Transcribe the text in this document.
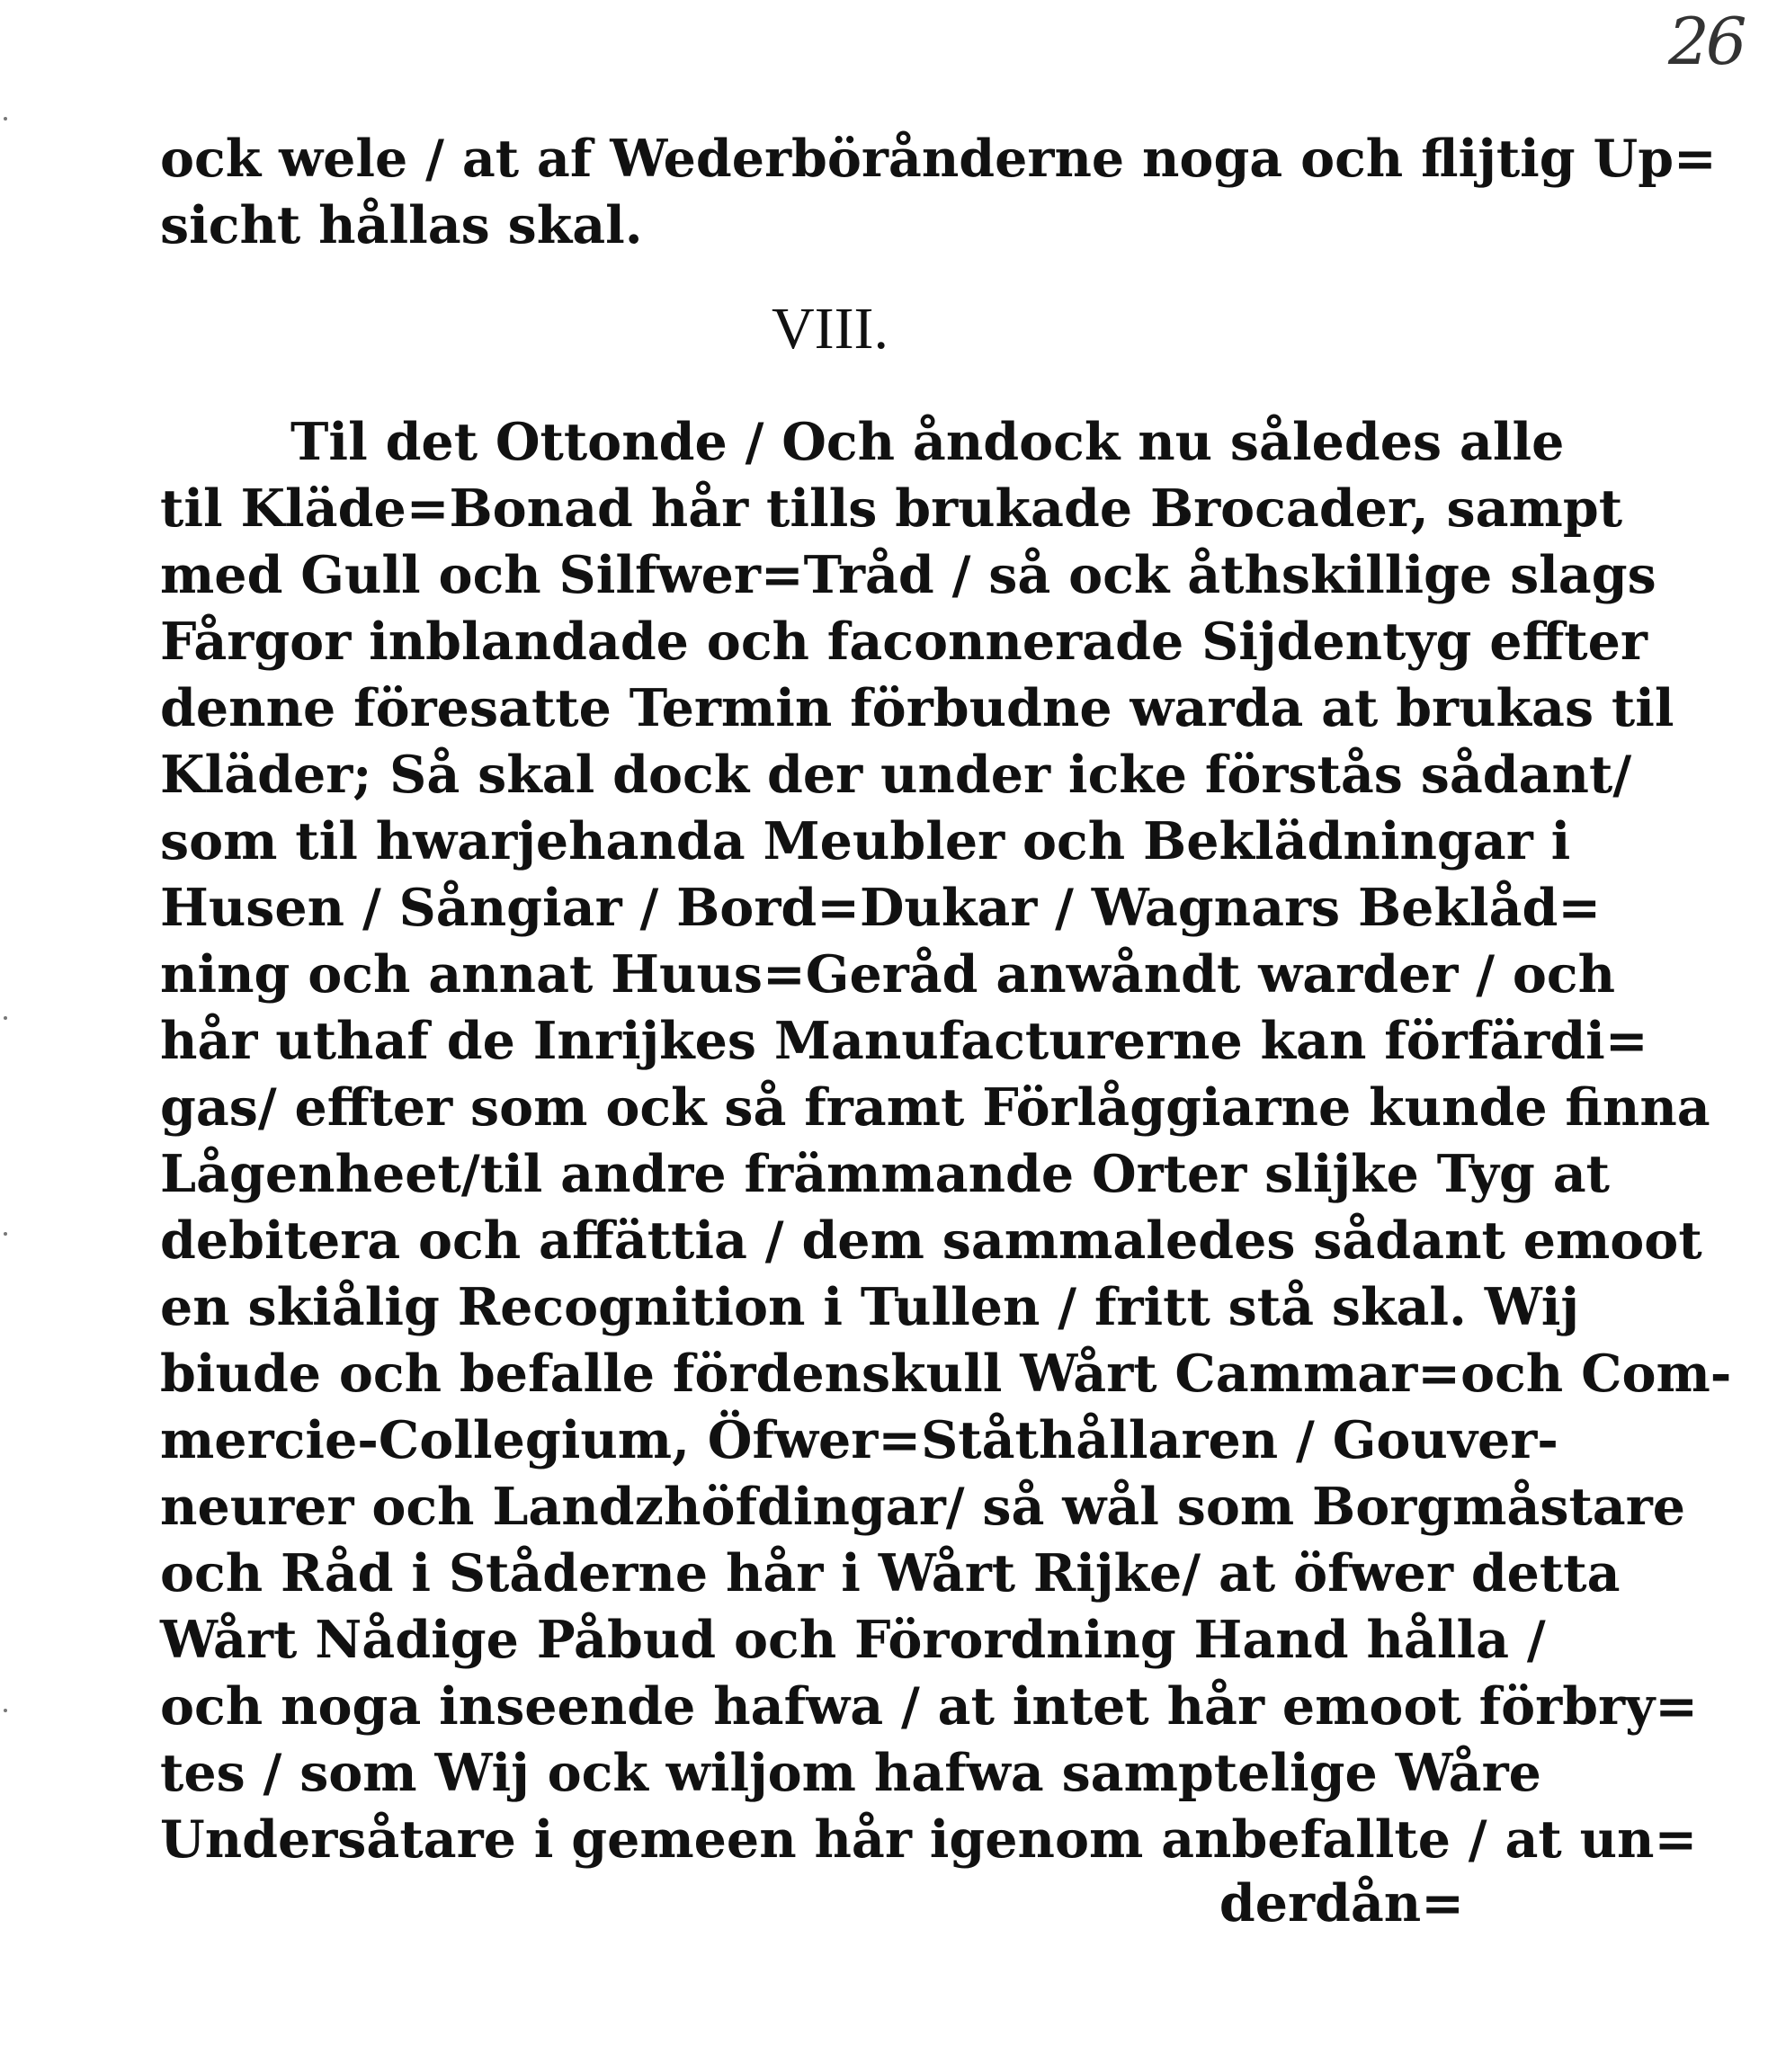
26
ock wele / at af Wederbörånderne noga och flijtig Up=
sicht hållas skal.
VIII.
Til det Ottonde / Och åndock nu således alle
til Kläde=Bonad hår tills brukade Brocader, sampt
med Gull och Silfwer=Tråd / så ock åthskillige slags
Fårgor inblandade och faconnerade Sijdentyg effter
denne föresatte Termin förbudne warda at brukas til
Kläder; Så skal dock der under icke förstås sådant/
som til hwarjehanda Meubler och Beklädningar i
Husen / Sångiar / Bord=Dukar / Wagnars Beklåd=
ning och annat Huus=Geråd anwåndt warder / och
hår uthaf de Inrijkes Manufacturerne kan förfärdi=
gas/ effter som ock så framt Förlåggiarne kunde finna
Lågenheet/til andre främmande Orter slijke Tyg at
debitera och affättia / dem sammaledes sådant emoot
en skiålig Recognition i Tullen / fritt stå skal. Wij
biude och befalle fördenskull Wårt Cammar=och Com-
mercie-Collegium, Öfwer=Ståthållaren / Gouver-
neurer och Landzhöfdingar/ så wål som Borgmåstare
och Råd i Ståderne hår i Wårt Rijke/ at öfwer detta
Wårt Nådige Påbud och Förordning Hand hålla /
och noga inseende hafwa / at intet hår emoot förbry=
tes / som Wij ock wiljom hafwa samptelige Wåre
Undersåtare i gemeen hår igenom anbefallte / at un=
derdån=
